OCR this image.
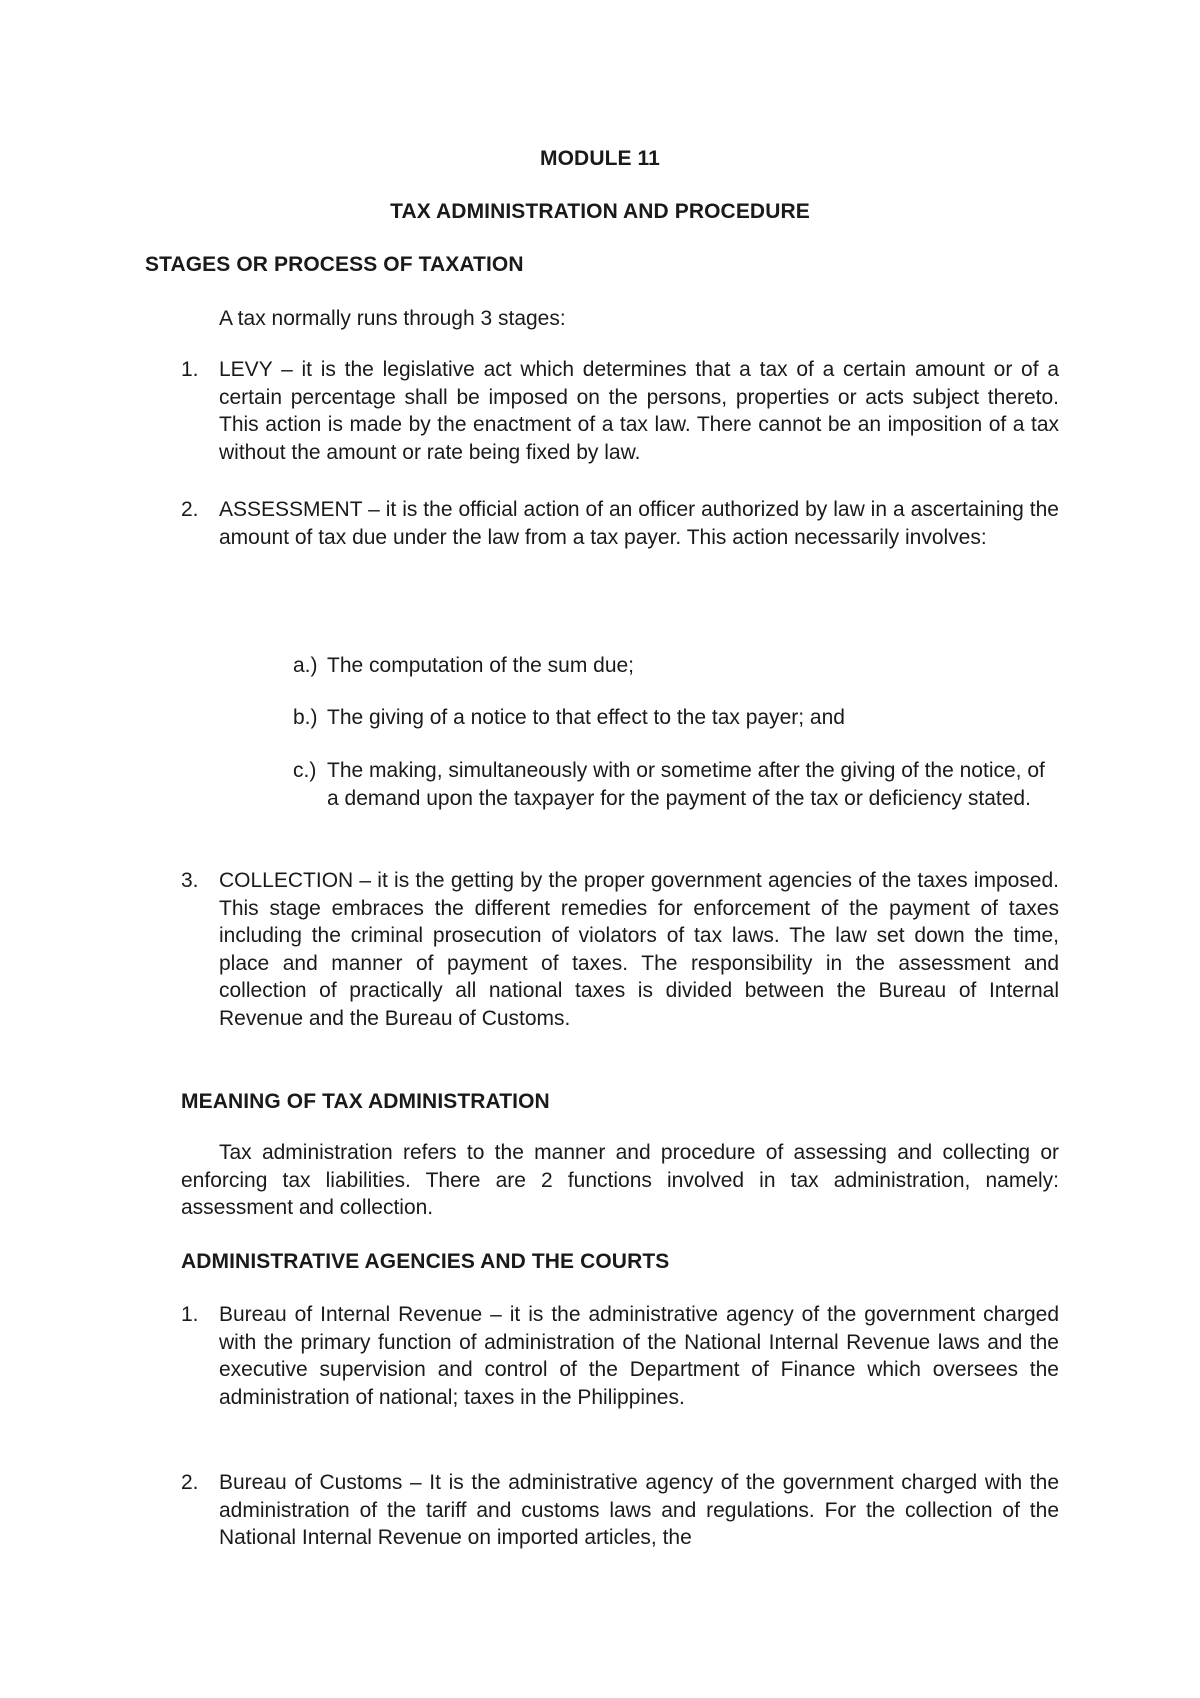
MODULE 11
TAX ADMINISTRATION AND PROCEDURE
STAGES OR PROCESS OF TAXATION
A tax normally runs through 3 stages:
1. LEVY – it is the legislative act which determines that a tax of a certain amount or of a certain percentage shall be imposed on the persons, properties or acts subject thereto. This action is made by the enactment of a tax law. There cannot be an imposition of a tax without the amount or rate being fixed by law.
2. ASSESSMENT – it is the official action of an officer authorized by law in a ascertaining the amount of tax due under the law from a tax payer. This action necessarily involves:
a.) The computation of the sum due;
b.) The giving of a notice to that effect to the tax payer; and
c.) The making, simultaneously with or sometime after the giving of the notice, of a demand upon the taxpayer for the payment of the tax or deficiency stated.
3. COLLECTION – it is the getting by the proper government agencies of the taxes imposed. This stage embraces the different remedies for enforcement of the payment of taxes including the criminal prosecution of violators of tax laws. The law set down the time, place and manner of payment of taxes. The responsibility in the assessment and collection of practically all national taxes is divided between the Bureau of Internal Revenue and the Bureau of Customs.
MEANING OF TAX ADMINISTRATION
Tax administration refers to the manner and procedure of assessing and collecting or enforcing tax liabilities. There are 2 functions involved in tax administration, namely: assessment and collection.
ADMINISTRATIVE AGENCIES AND THE COURTS
1. Bureau of Internal Revenue – it is the administrative agency of the government charged with the primary function of administration of the National Internal Revenue laws and the executive supervision and control of the Department of Finance which oversees the administration of national; taxes in the Philippines.
2. Bureau of Customs – It is the administrative agency of the government charged with the administration of the tariff and customs laws and regulations. For the collection of the National Internal Revenue on imported articles, the
